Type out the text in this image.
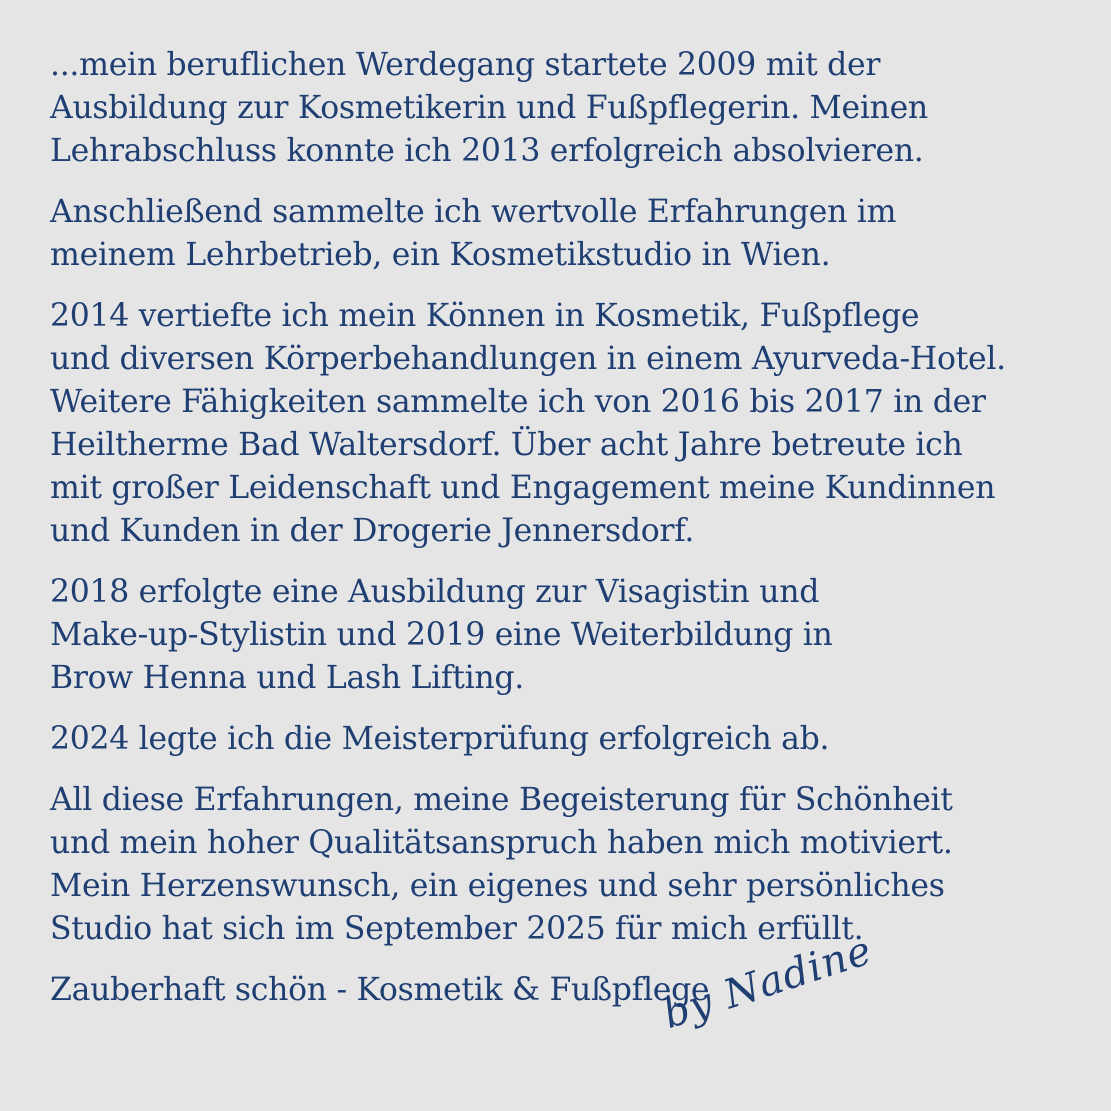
...mein beruflichen Werdegang startete 2009 mit der
Ausbildung zur Kosmetikerin und Fußpflegerin. Meinen
Lehrabschluss konnte ich 2013 erfolgreich absolvieren.

Anschließend sammelte ich wertvolle Erfahrungen im
meinem Lehrbetrieb, ein Kosmetikstudio in Wien.

2014 vertiefte ich mein Können in Kosmetik, Fußpflege
und diversen Körperbehandlungen in einem Ayurveda-Hotel.
Weitere Fähigkeiten sammelte ich von 2016 bis 2017 in der
Heiltherme Bad Waltersdorf. Über acht Jahre betreute ich
mit großer Leidenschaft und Engagement meine Kundinnen
und Kunden in der Drogerie Jennersdorf.

2018 erfolgte eine Ausbildung zur Visagistin und
Make-up-Stylistin und 2019 eine Weiterbildung in
Brow Henna und Lash Lifting.

2024 legte ich die Meisterprüfung erfolgreich ab.

All diese Erfahrungen, meine Begeisterung für Schönheit
und mein hoher Qualitätsanspruch haben mich motiviert.
Mein Herzenswunsch, ein eigenes und sehr persönliches
Studio hat sich im September 2025 für mich erfüllt.

Zauberhaft schön - Kosmetik & Fußpflege
by Nadine
